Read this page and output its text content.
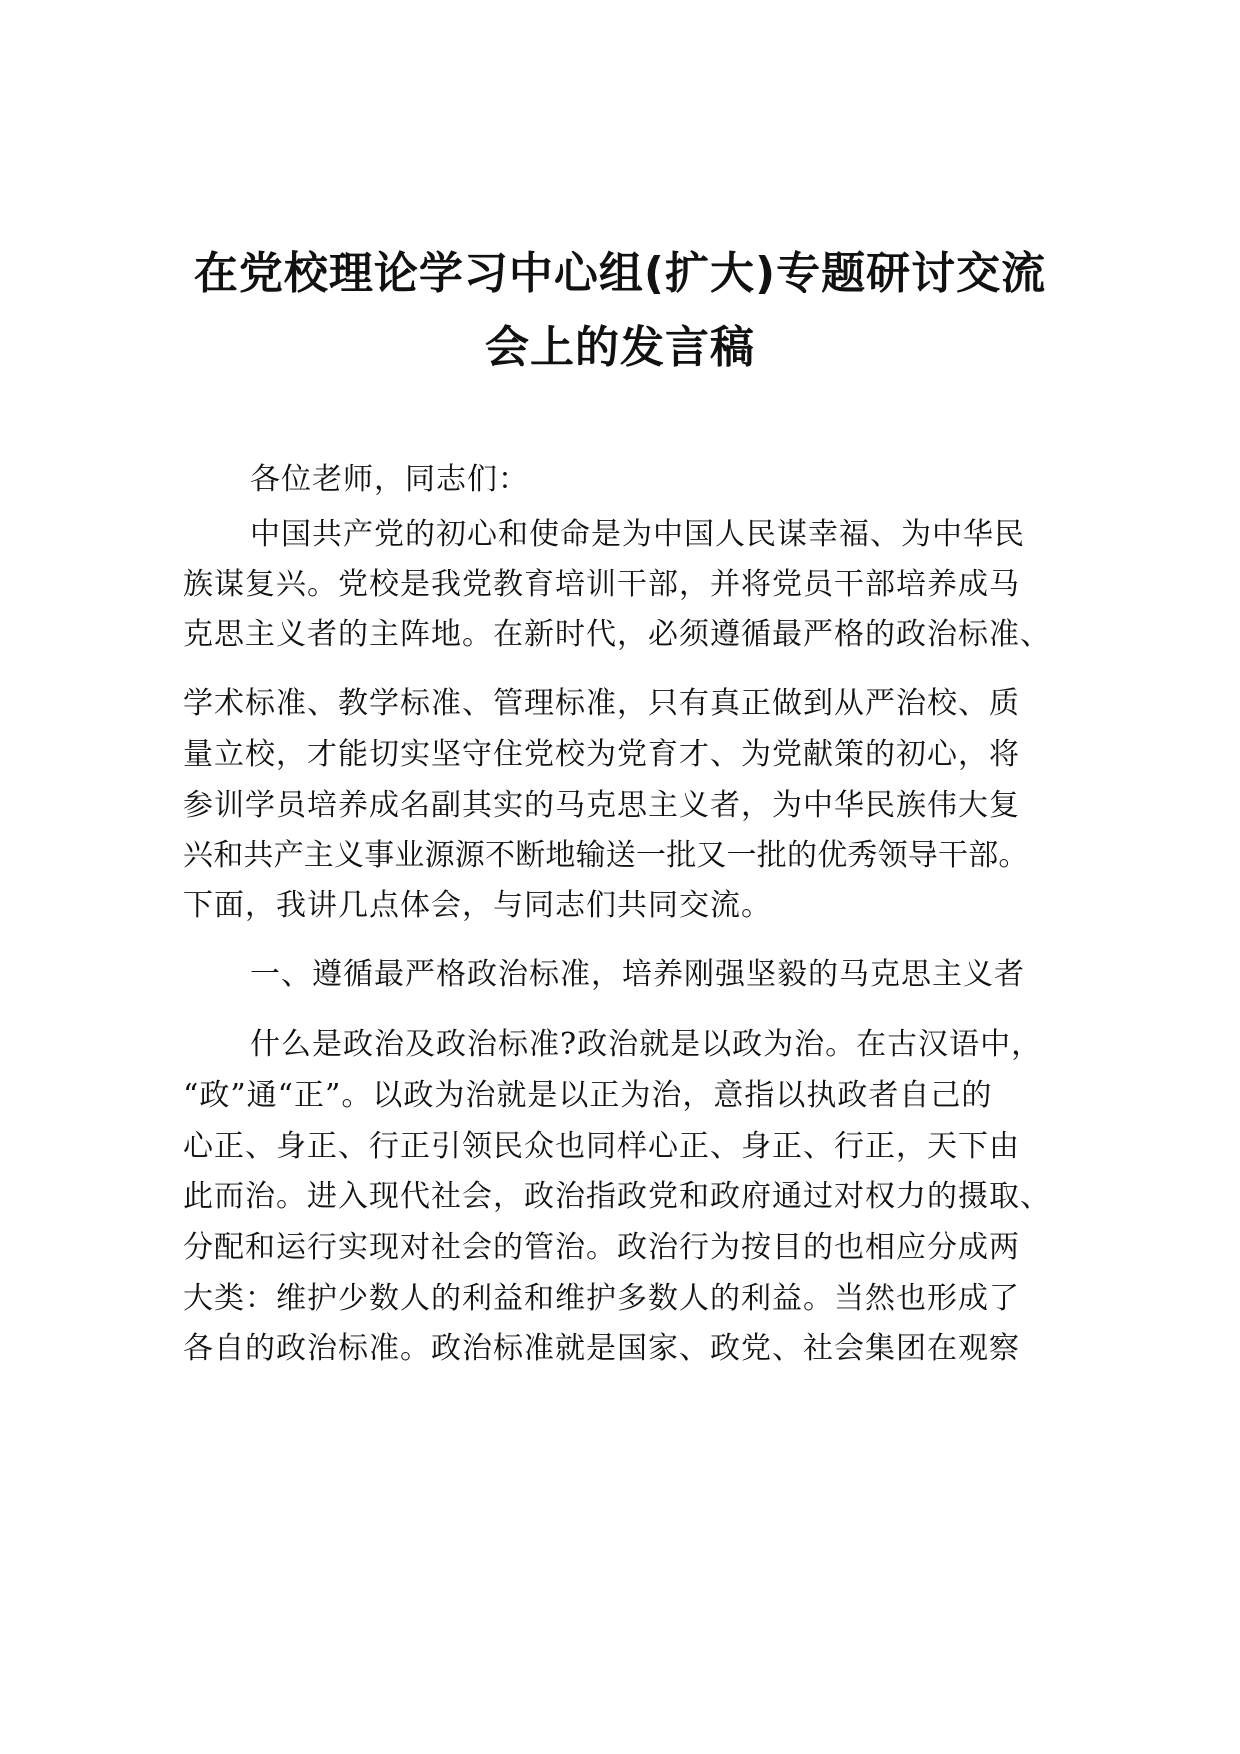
在党校理论学习中心组(扩大)专题研讨交流
会上的发言稿
各位老师，同志们：
中国共产党的初心和使命是为中国人民谋幸福、为中华民
族谋复兴。党校是我党教育培训干部，并将党员干部培养成马
克思主义者的主阵地。在新时代，必须遵循最严格的政治标准、
学术标准、教学标准、管理标准，只有真正做到从严治校、质
量立校，才能切实坚守住党校为党育才、为党献策的初心，将
参训学员培养成名副其实的马克思主义者，为中华民族伟大复
兴和共产主义事业源源不断地输送一批又一批的优秀领导干部。
下面，我讲几点体会，与同志们共同交流。
一、遵循最严格政治标准，培养刚强坚毅的马克思主义者
什么是政治及政治标准?政治就是以政为治。在古汉语中，
“政”通“正”。以政为治就是以正为治，意指以执政者自己的
心正、身正、行正引领民众也同样心正、身正、行正，天下由
此而治。进入现代社会，政治指政党和政府通过对权力的摄取、
分配和运行实现对社会的管治。政治行为按目的也相应分成两
大类：维护少数人的利益和维护多数人的利益。当然也形成了
各自的政治标准。政治标准就是国家、政党、社会集团在观察
